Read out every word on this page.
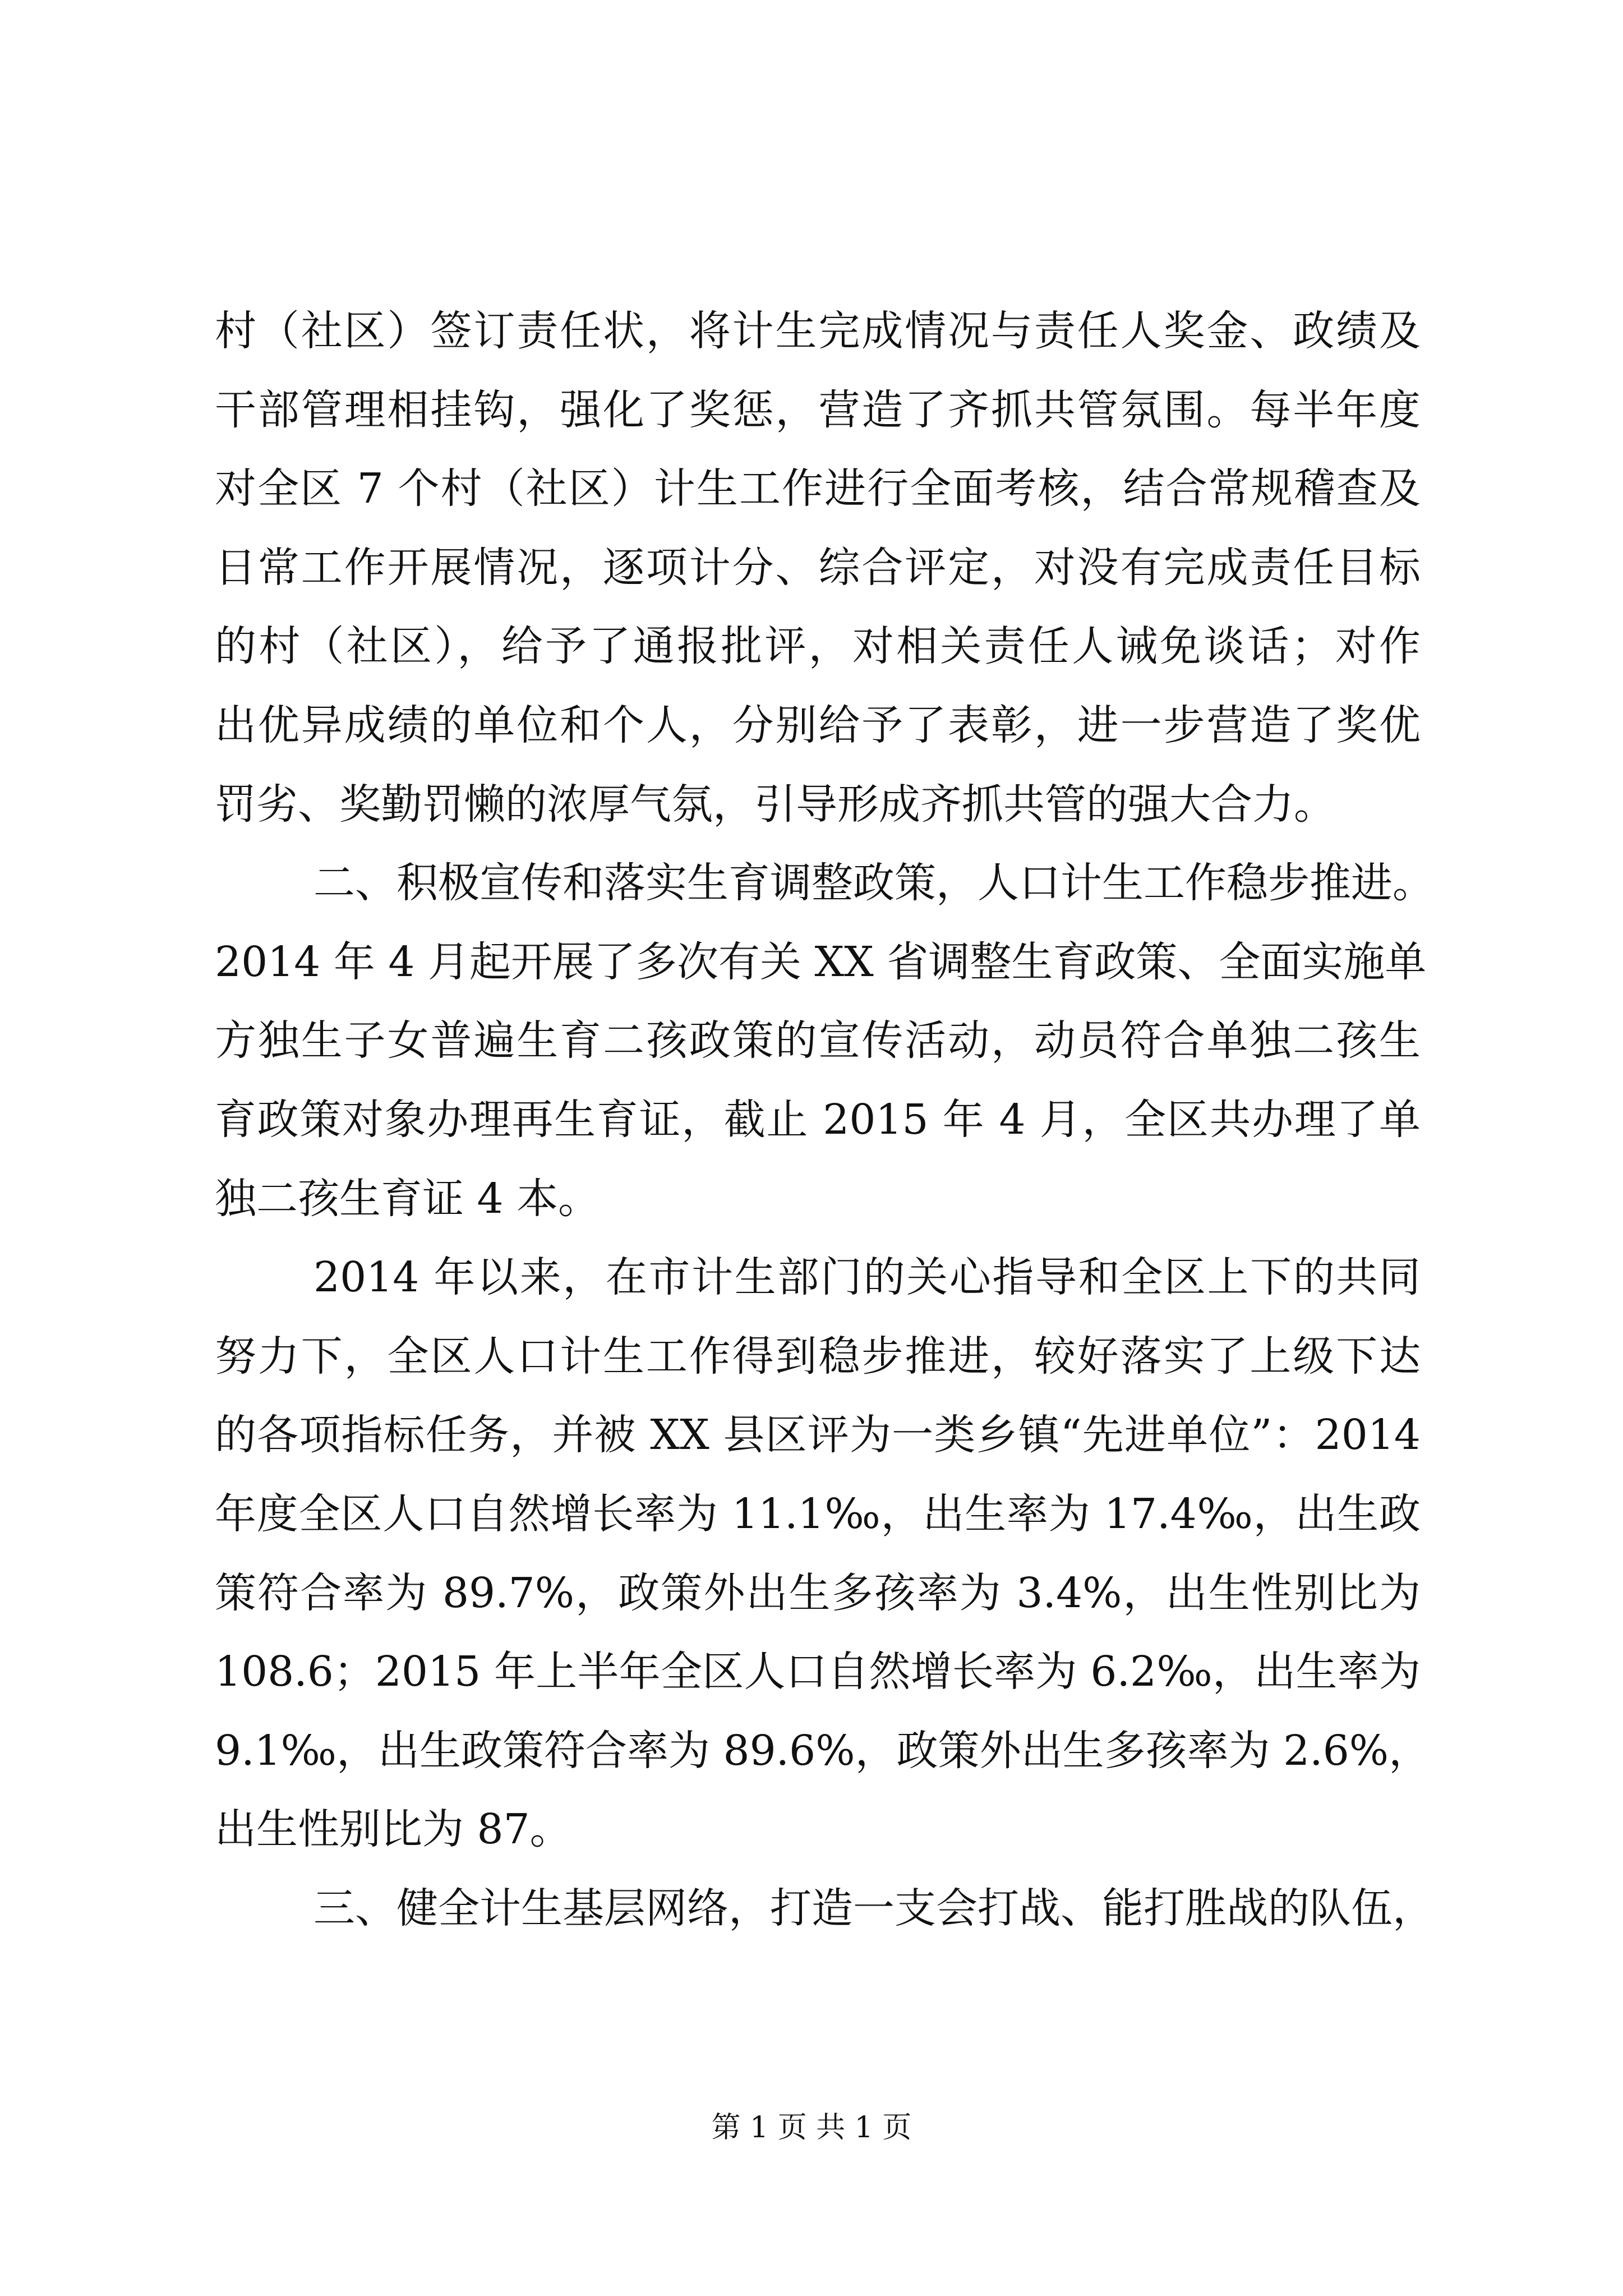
村（社区）签订责任状，将计生完成情况与责任人奖金、政绩及
干部管理相挂钩，强化了奖惩，营造了齐抓共管氛围。每半年度
对全区 7 个村（社区）计生工作进行全面考核，结合常规稽查及
日常工作开展情况，逐项计分、综合评定，对没有完成责任目标
的村（社区），给予了通报批评，对相关责任人诫免谈话；对作
出优异成绩的单位和个人，分别给予了表彰，进一步营造了奖优
罚劣、奖勤罚懒的浓厚气氛，引导形成齐抓共管的强大合力。
二、积极宣传和落实生育调整政策，人口计生工作稳步推进。
2014 年 4 月起开展了多次有关 XX 省调整生育政策、全面实施单
方独生子女普遍生育二孩政策的宣传活动，动员符合单独二孩生
育政策对象办理再生育证，截止 2015 年 4 月，全区共办理了单
独二孩生育证 4 本。
2014 年以来，在市计生部门的关心指导和全区上下的共同
努力下，全区人口计生工作得到稳步推进，较好落实了上级下达
的各项指标任务，并被 XX 县区评为一类乡镇“先进单位”：2014
年度全区人口自然增长率为 11.1‰，出生率为 17.4‰，出生政
策符合率为 89.7%，政策外出生多孩率为 3.4%，出生性别比为
108.6；2015 年上半年全区人口自然增长率为 6.2‰，出生率为
9.1‰，出生政策符合率为 89.6%，政策外出生多孩率为 2.6%，
出生性别比为 87。
三、健全计生基层网络，打造一支会打战、能打胜战的队伍，
第 1 页 共 1 页
